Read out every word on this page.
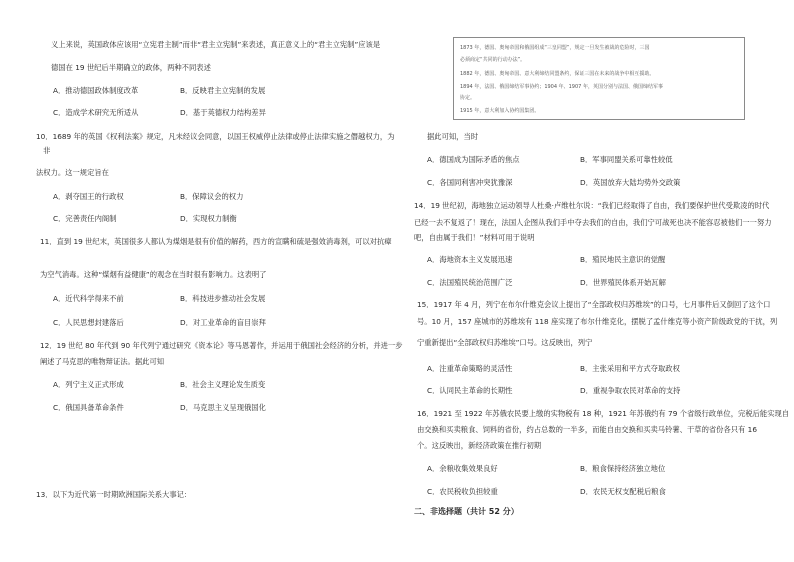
义上来说，英国政体应该用“立宪君主制”而非“君主立宪制”来表述，真正意义上的“君主立宪制”应该是
德国在 19 世纪后半期确立的政体，两种不同表述
A．推动德国政体制度改革	B．反映君主立宪制的发展
C．造成学术研究无所适从	D．基于英德权力结构差异
10．1689 年的英国《权利法案》规定，凡未经议会同意，以国王权威停止法律或停止法律实施之僭越权力，为
非
法权力。这一规定旨在
A．剥夺国王的行政权	B．保障议会的权力
C．完善责任内阁制	D．实现权力制衡
11．直到 19 世纪末，英国很多人都认为煤烟是很有价值的解药，西方的宣瞒和硫是强效消毒剂，可以对抗瘴
为空气消毒。这种“煤烟有益健康”的观念在当时很有影响力。这表明了
A．近代科学得来不前	B．科技进步推动社会发展
C．人民思想封建落后	D．对工业革命的盲目崇拜
12．19 世纪 80 年代到 90 年代列宁通过研究《资本论》等马恩著作，并运用于俄国社会经济的分析，并进一步
阐述了马克思的唯物辩证法。据此可知
A．列宁主义正式形成	B．社会主义理论发生质变
C．俄国具备革命条件	D．马克思主义呈现俄国化
13．以下为近代第一时期欧洲国际关系大事记：
1873 年，德国、奥匈帝国和俄国组成“三皇同盟”，规定一旦发生被战的危险时，三国
必须商定“共同的行动办法”。
1882 年，德国、奥匈帝国、意大利缔结同盟条约，保证三国在未来的战争中相互援助。
1894 年，法国、俄国缔结军事协约；1904 年、1907 年，英国分别与法国、俄国缔结军事
协定。
1915 年，意大利加入协约国集团。
据此可知，当时
A．德国成为国际矛盾的焦点	B．军事同盟关系可靠性较低
C．各国同利害冲突犹豫深	D．英国放弃大陆均势外交政策
14．19 世纪初，海地独立运动领导人杜桑·卢维杜尔说：“我们已经取得了自由，我们要保护世代受欺凌的时代
已经一去不复返了！现在，法国人企图从我们手中夺去我们的自由，我们宁可战死也决不能容忍被他们一一努力
吧，自由属于我们！”材料可用于说明
A．海地资本主义发展迅速	B．殖民地民主意识的觉醒
C．法国殖民统治范围广泛	D．世界殖民体系开始瓦解
15．1917 年 4 月，列宁在布尔什维克会议上提出了“全部政权归苏维埃”的口号，七月事件后又倒回了这个口
号。10 月，157 座城市的苏维埃有 118 座实现了布尔什维克化，摆脱了孟什维克等小资产阶级政党的干扰，列
宁重新提出“全部政权归苏维埃”口号。这反映出，列宁
A．注重革命策略的灵活性	B．主张采用和平方式夺取政权
C．认同民主革命的长期性	D．重视争取农民对革命的支持
16．1921 至 1922 年苏俄农民要上缴的实物税有 18 种，1921 年苏俄约有 79 个省级行政单位，完税后能实现自
由交换和买卖粮食、饲料的省份，约占总数的一半多，而能自由交换和买卖马铃薯、干草的省份各只有 16
个。这反映出，新经济政策在推行初期
A．余粮收集效果良好	B．粮食保持经济独立地位
C．农民税收负担较重	D．农民无权支配税后粮食
二、非选择题（共计 52 分）
